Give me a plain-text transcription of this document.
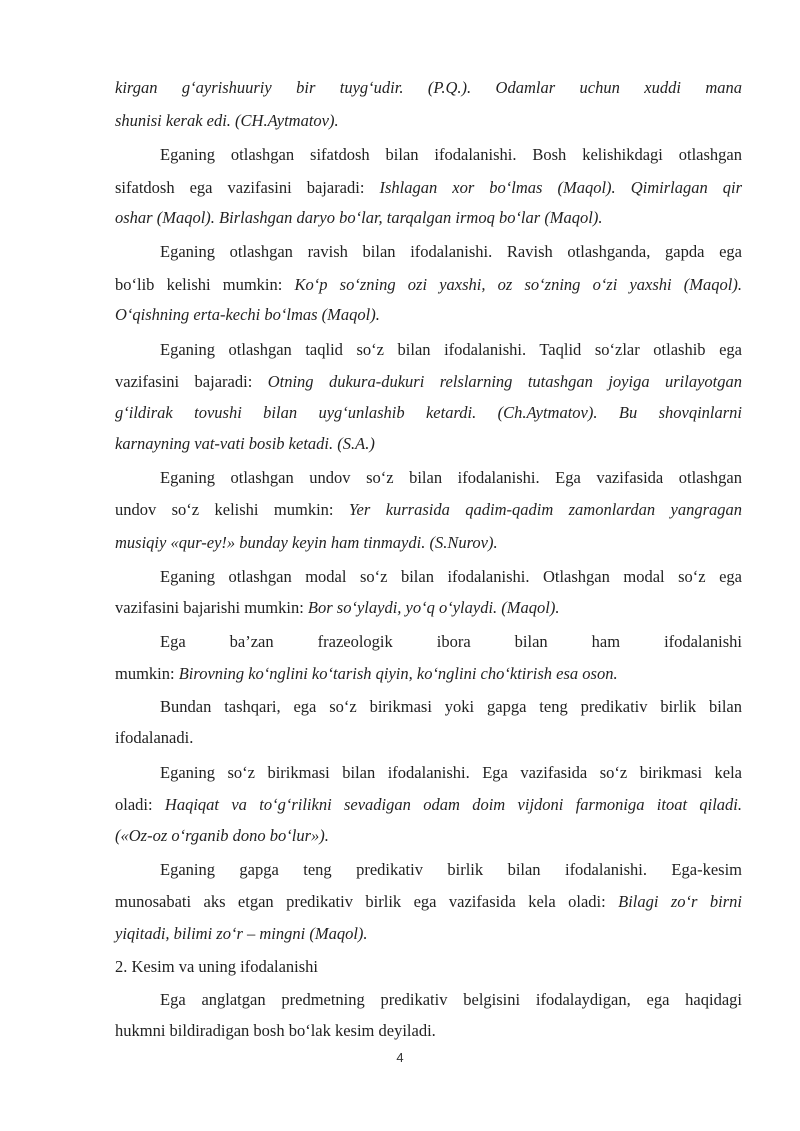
kirgan g‘ayrishuuriy bir tuyg‘udir. (P.Q.). Odamlar uchun xuddi mana
shunisi kerak edi. (CH.Aytmatov).
Eganing otlashgan sifatdosh bilan ifodalanishi. Bosh kelishikdagi otlashgan
sifatdosh ega vazifasini bajaradi: Ishlagan xor bo‘lmas (Maqol). Qimirlagan qir
oshar (Maqol). Birlashgan daryo bo‘lar, tarqalgan irmoq bo‘lar (Maqol).
Eganing otlashgan ravish bilan ifodalanishi. Ravish otlashganda, gapda ega
bo‘lib kelishi mumkin: Ko‘p so‘zning ozi yaxshi, oz so‘zning o‘zi yaxshi (Maqol).
O‘qishning erta-kechi bo‘lmas (Maqol).
Eganing otlashgan taqlid so‘z bilan ifodalanishi. Taqlid so‘zlar otlashib ega
vazifasini bajaradi: Otning dukura-dukuri relslarning tutashgan joyiga urilayotgan
g‘ildirak tovushi bilan uyg‘unlashib ketardi. (Ch.Aytmatov). Bu shovqinlarni
karnayning vat-vati bosib ketadi. (S.A.)
Eganing otlashgan undov so‘z bilan ifodalanishi. Ega vazifasida otlashgan
undov so‘z kelishi mumkin: Yer kurrasida qadim-qadim zamonlardan yangragan
musiqiy «qur-ey!» bunday keyin ham tinmaydi. (S.Nurov).
Eganing otlashgan modal so‘z bilan ifodalanishi. Otlashgan modal so‘z ega
vazifasini bajarishi mumkin: Bor so‘ylaydi, yo‘q o‘ylaydi. (Maqol).
Ega ba’zan frazeologik ibora bilan ham ifodalanishi
mumkin: Birovning ko‘nglini ko‘tarish qiyin, ko‘nglini cho‘ktirish esa oson.
Bundan tashqari, ega so‘z birikmasi yoki gapga teng predikativ birlik bilan
ifodalanadi.
Eganing so‘z birikmasi bilan ifodalanishi. Ega vazifasida so‘z birikmasi kela
oladi: Haqiqat va to‘g‘rilikni sevadigan odam doim vijdoni farmoniga itoat qiladi.
(«Oz-oz o‘rganib dono bo‘lur»).
Eganing gapga teng predikativ birlik bilan ifodalanishi. Ega-kesim
munosabati aks etgan predikativ birlik ega vazifasida kela oladi: Bilagi zo‘r birni
yiqitadi, bilimi zo‘r – mingni (Maqol).
2. Kesim va uning ifodalanishi
Ega anglatgan predmetning predikativ belgisini ifodalaydigan, ega haqidagi
hukmni bildiradigan bosh bo‘lak kesim deyiladi.
4
